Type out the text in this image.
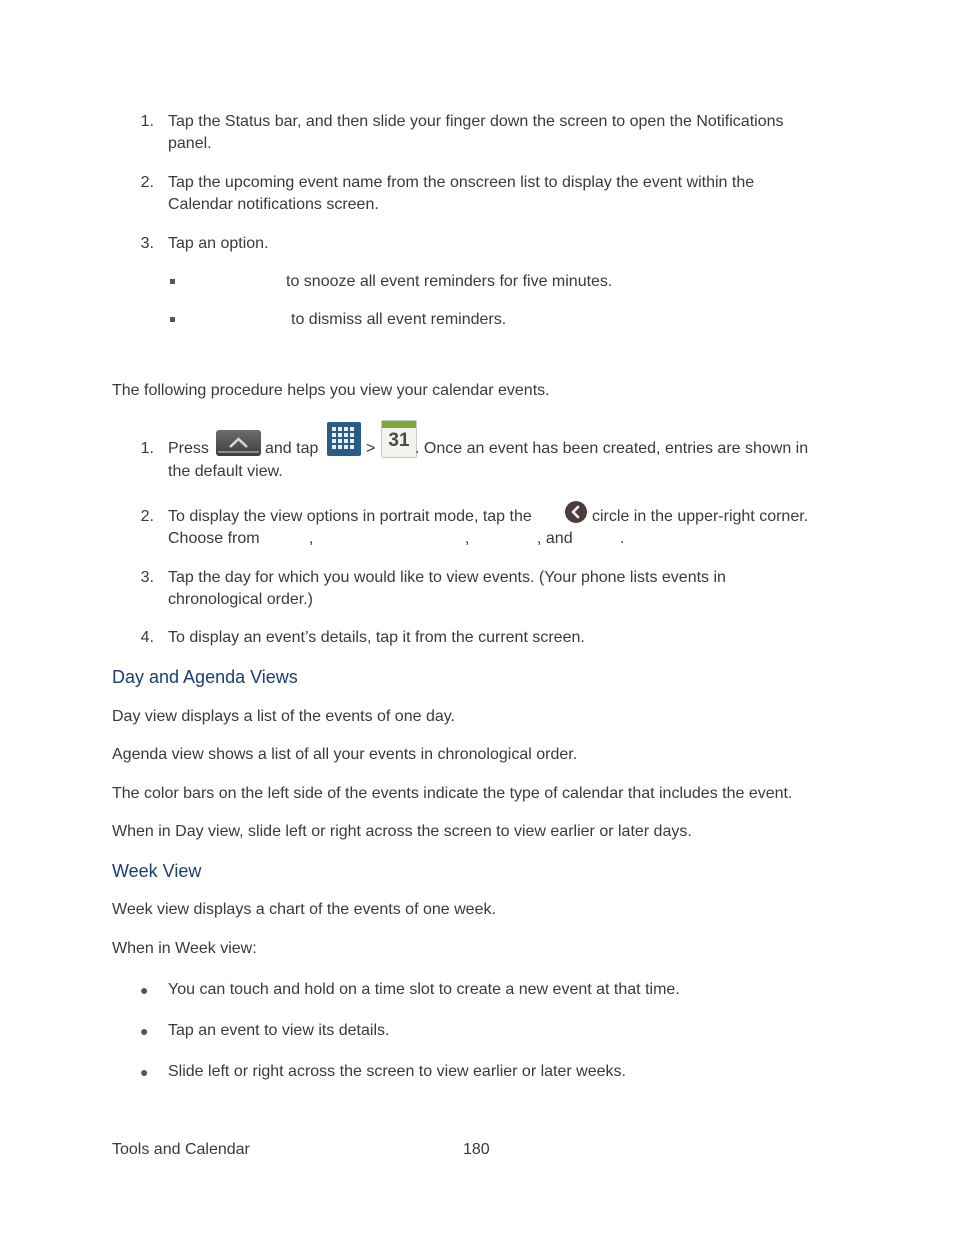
1. Tap the Status bar, and then slide your finger down the screen to open the Notifications
panel.
2. Tap the upcoming event name from the onscreen list to display the event within the
Calendar notifications screen.
3. Tap an option.
to snooze all event reminders for five minutes.
to dismiss all event reminders.
The following procedure helps you view your calendar events.
1. Press	and tap	> 31 . Once an event has been created, entries are shown in
the default view.
2. To display the view options in portrait mode, tap the	circle in the upper-right corner.
Choose from	,	,	, and	.
3. Tap the day for which you would like to view events. (Your phone lists events in
chronological order.)
4. To display an event’s details, tap it from the current screen.
Day and Agenda Views
Day view displays a list of the events of one day.
Agenda view shows a list of all your events in chronological order.
The color bars on the left side of the events indicate the type of calendar that includes the event.
When in Day view, slide left or right across the screen to view earlier or later days.
Week View
Week view displays a chart of the events of one week.
When in Week view:
● You can touch and hold on a time slot to create a new event at that time.
● Tap an event to view its details.
● Slide left or right across the screen to view earlier or later weeks.
Tools and Calendar	180
